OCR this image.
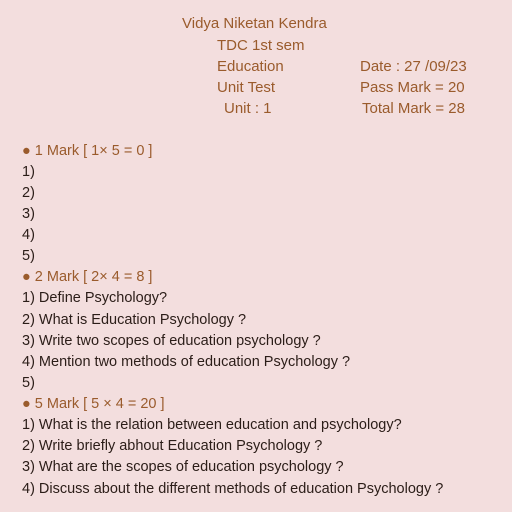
Vidya Niketan Kendra
TDC 1st sem
Education
Unit Test
Unit : 1
Date : 27 /09/23
Pass Mark = 20
Total Mark = 28
● 1 Mark [ 1× 5 = 0 ]
1)
2)
3)
4)
5)
● 2 Mark [ 2× 4 = 8 ]
1) Define Psychology?
2) What is Education Psychology ?
3) Write two scopes of education psychology ?
4) Mention two methods of education Psychology ?
5)
● 5 Mark [ 5 × 4 = 20 ]
1) What is the relation between education and psychology?
2) Write briefly abhout Education Psychology ?
3) What are the scopes of education psychology ?
4) Discuss about the different methods of education Psychology ?
